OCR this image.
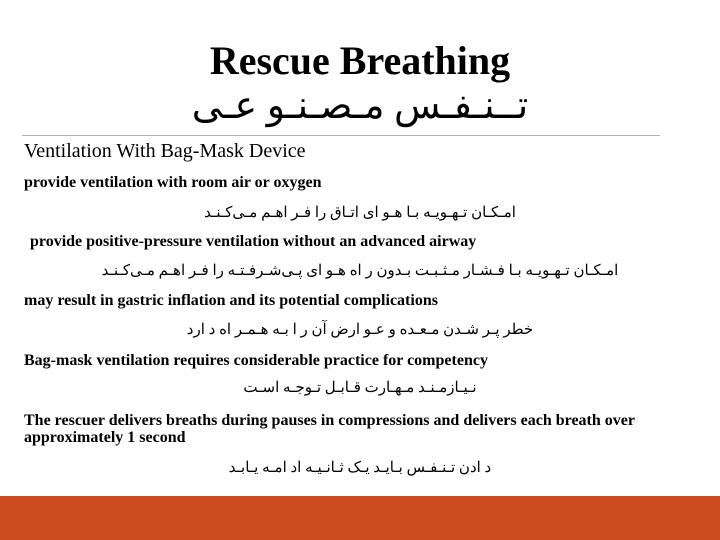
Rescue Breathing
تــنـفـس مـصـنـو عـی
Ventilation With Bag-Mask Device
provide ventilation with room air or oxygen
امـکـان تـهـویـه بـا هـو ای اتـاق را فـر اهـم مـی‌کـنـد
provide positive-pressure ventilation without an advanced airway
امـکـان تـهـویـه بـا فـشـار مـثـبـت بـدون ر اه هـو ای پـی‌شـرفـتـه را فـر اهـم مـی‌کـنـد
may result in gastric inflation and its potential complications
خطر پـر شـدن مـعـده و عـو ارض آن ر ا بـه هـمـر اه د ارد
Bag-mask ventilation requires considerable practice for competency
نـیـازمـنـد مـهـارت قـابـل تـوجـه اسـت
The rescuer delivers breaths during pauses in compressions and delivers each breath over approximately 1 second
د ادن تـنـفـس بـایـد یـک ثـانـیـه اد امـه یـابـد
